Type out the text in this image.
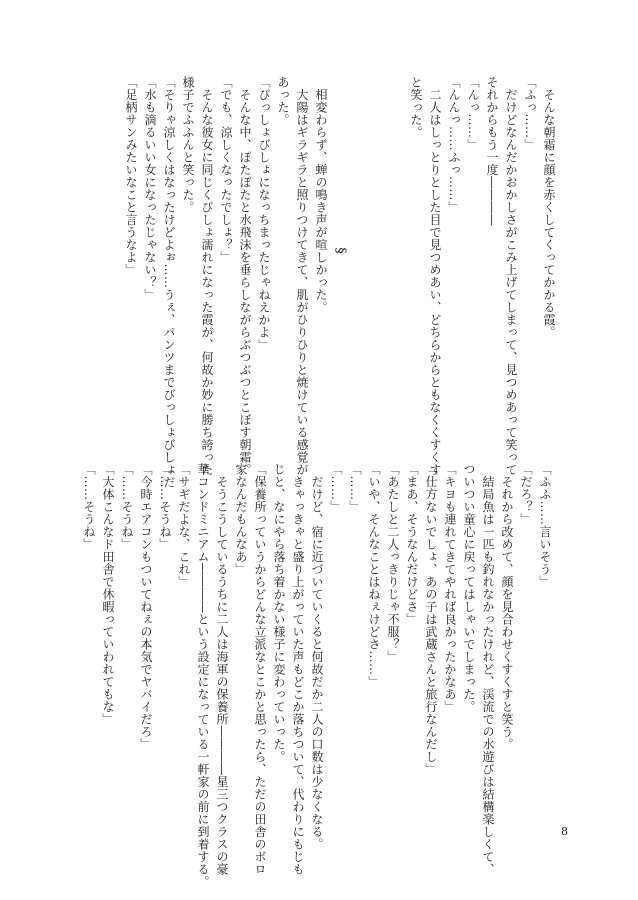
　そんな朝霜に顔を赤くしてくってかかる霞。

「ふっ……」

　だけどなんだかおかしさがこみ上げてしまって、見つめあって笑って

それからもう一度――――

「んっ……」

「んんっ……ふっ……」

　二人はしっとりとした目で見つめあい、どちらからともなくくすくす

と笑った。

　相変わらず、蝉の鳴き声が喧しかった。

　大陽はギラギラと照りつけてきて、肌がひりひりと焼けている感覚が

あった。

「ぴっしょびしょになっちまったじゃねえかよ」

　そんな中、ぽたぽたと水飛沫を垂らしながらぶつぶつとこぼす朝霜。

「でも、涼しくなったでしょ？」

　そんな彼女に同じくびしょ濡れになった霞が、何故か妙に勝ち誇った

様子でふふんと笑った。

「そりゃ涼しくはなったけどよぉ……うぇ、パンツまでびっしょびしょだ

「水も滴るいい女になったじゃない？」

「足柄サンみたいなこと言うなよ」	§

「ふふ……言いそう」

「だろ？」

　それから改めて、顔を見合わせくすくすと笑う。

　結局魚は一匹も釣れなかったけれど、渓流での水遊びは結構楽しくて、

ついつい童心に戻ってはしゃいでしまった。

「キヨも連れてきてやれば良かったかなあ」

「仕方ないでしょ、あの子は武蔵さんと旅行なんだし」

「まあ、そうなんだけどさ」

「あたしと二人っきりじゃ不服？」

「いや、そんなことはねぇけどさ……」

「……」

「……」

　だけど、宿に近づいていくると何故だか二人の口数は少なくなる。

　きゃっきゃと盛り上がっていた声もどこか落ちついて、代わりにもじも

じと、なにやら落ち着かない様子に変わっていった。

「保養所っていうからどんな立派なとこかと思ったら、ただの田舎のボロ

家なんだもんなあ」

　そうこうしているうちに二人は海軍の保養所――――星三つクラスの豪

華コンドミニアム――――という設定になっている一軒家の前に到着する。

「サギだよな、これ」

「……そうね」

「今時エアコンもついてねぇの本気でヤバイだろ」

「……そうね」

「大体こんなド田舎で休暇っていわれてもな」

「……そうね」

8
